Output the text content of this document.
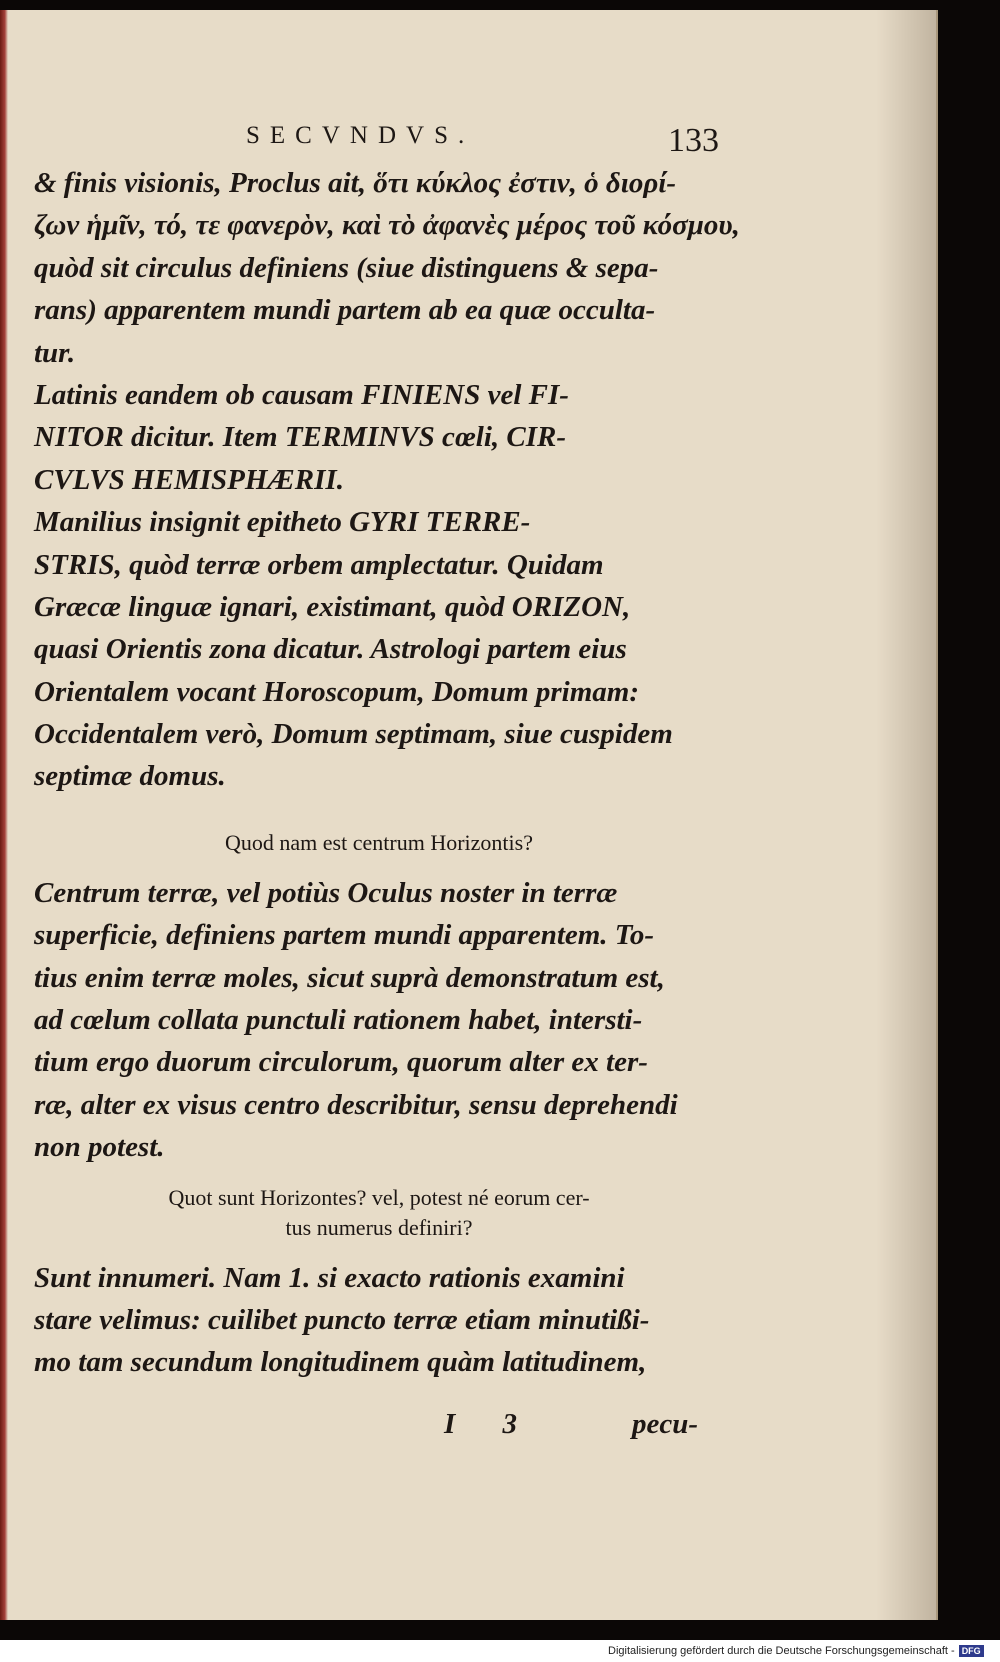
SECVNDVS.	133
& finis visionis, Proclus ait, ὅτι κύκλος ἐστιν, ὁ διορί-
ζων ἡμῖν, τό, τε φανερὸν, καὶ τὸ ἀφανὲς μέρος τοῦ κόσμου,
quòd sit circulus definiens (siue distinguens & sepa-
rans) apparentem mundi partem ab ea quæ occulta-
tur.
Latinis eandem ob causam FINIENS vel FI-
NITOR dicitur. Item TERMINVS cœli, CIR-
CVLVS HEMISPHÆRII.
Manilius insignit epitheto GYRI TERRE-
STRIS, quòd terræ orbem amplectatur. Quidam
Græcæ linguæ ignari, existimant, quòd ORIZON,
quasi Orientis zona dicatur. Astrologi partem eius
Orientalem vocant Horoscopum, Domum primam:
Occidentalem verò, Domum septimam, siue cuspidem
septimæ domus.
Quod nam est centrum Horizontis?
Centrum terræ, vel potiùs Oculus noster in terræ
superficie, definiens partem mundi apparentem. To-
tius enim terræ moles, sicut suprà demonstratum est,
ad cœlum collata punctuli rationem habet, intersti-
tium ergo duorum circulorum, quorum alter ex ter-
ræ, alter ex visus centro describitur, sensu deprehendi
non potest.
Quot sunt Horizontes? vel, potest né eorum cer-
tus numerus definiri?
Sunt innumeri. Nam 1. si exacto rationis examini
stare velimus: cuilibet puncto terræ etiam minutißi-
mo tam secundum longitudinem quàm latitudinem,
I 3	pecu-
Digitalisierung gefördert durch die Deutsche Forschungsgemeinschaft - DFG
